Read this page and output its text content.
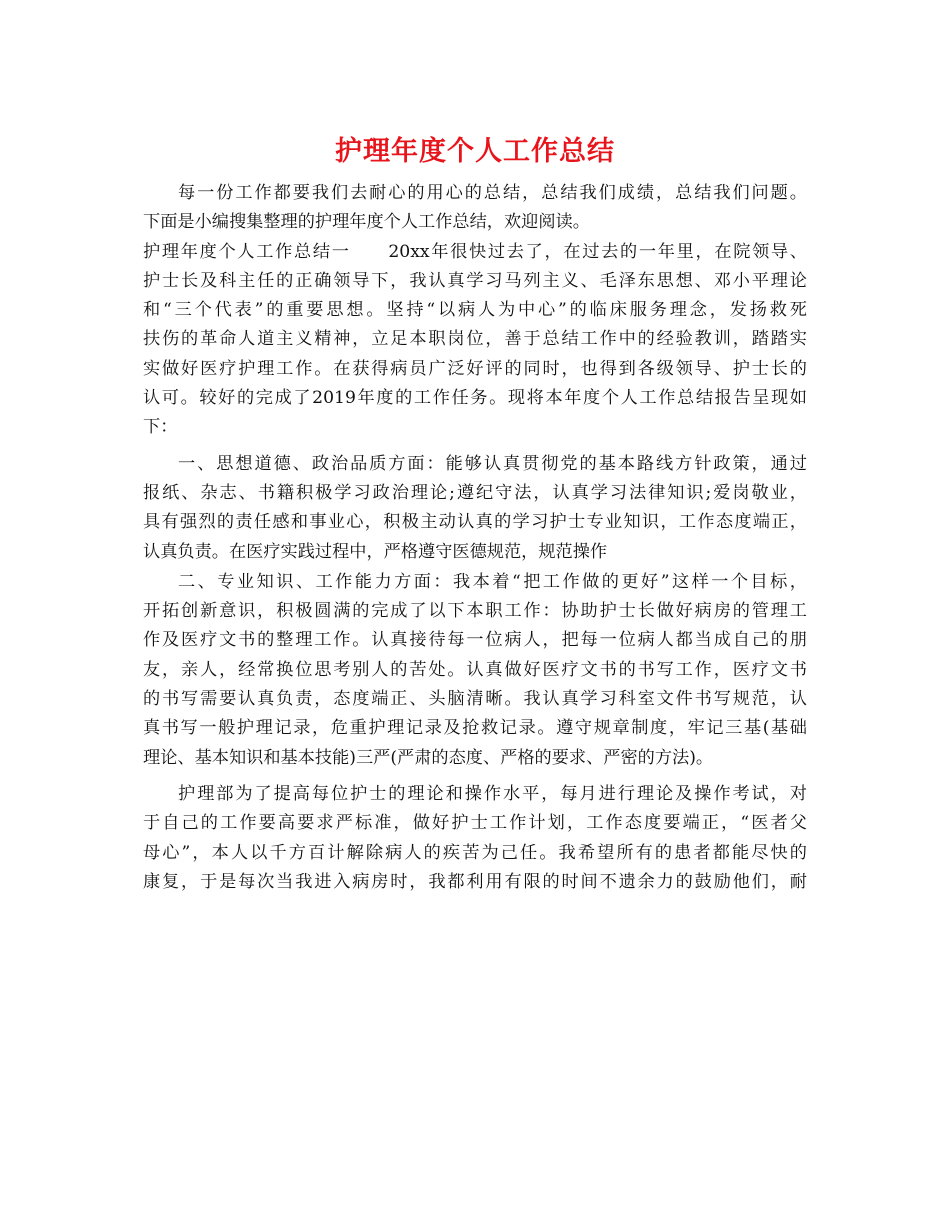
护理年度个人工作总结
每一份工作都要我们去耐心的用心的总结，总结我们成绩，总结我们问题。
下面是小编搜集整理的护理年度个人工作总结，欢迎阅读。
护理年度个人工作总结一　　20xx年很快过去了，在过去的一年里，在院领导、
护士长及科主任的正确领导下，我认真学习马列主义、毛泽东思想、邓小平理论
和“三个代表”的重要思想。坚持“以病人为中心”的临床服务理念，发扬救死
扶伤的革命人道主义精神，立足本职岗位，善于总结工作中的经验教训，踏踏实
实做好医疗护理工作。在获得病员广泛好评的同时，也得到各级领导、护士长的
认可。较好的完成了2019年度的工作任务。现将本年度个人工作总结报告呈现如
下：
一、思想道德、政治品质方面：能够认真贯彻党的基本路线方针政策，通过
报纸、杂志、书籍积极学习政治理论;遵纪守法，认真学习法律知识;爱岗敬业，
具有强烈的责任感和事业心，积极主动认真的学习护士专业知识，工作态度端正，
认真负责。在医疗实践过程中，严格遵守医德规范，规范操作
二、专业知识、工作能力方面：我本着“把工作做的更好”这样一个目标，
开拓创新意识，积极圆满的完成了以下本职工作：协助护士长做好病房的管理工
作及医疗文书的整理工作。认真接待每一位病人，把每一位病人都当成自己的朋
友，亲人，经常换位思考别人的苦处。认真做好医疗文书的书写工作，医疗文书
的书写需要认真负责，态度端正、头脑清晰。我认真学习科室文件书写规范，认
真书写一般护理记录，危重护理记录及抢救记录。遵守规章制度，牢记三基(基础
理论、基本知识和基本技能)三严(严肃的态度、严格的要求、严密的方法)。
护理部为了提高每位护士的理论和操作水平，每月进行理论及操作考试，对
于自己的工作要高要求严标准，做好护士工作计划，工作态度要端正，“医者父
母心”，本人以千方百计解除病人的疾苦为己任。我希望所有的患者都能尽快的
康复，于是每次当我进入病房时，我都利用有限的时间不遗余力的鼓励他们，耐
